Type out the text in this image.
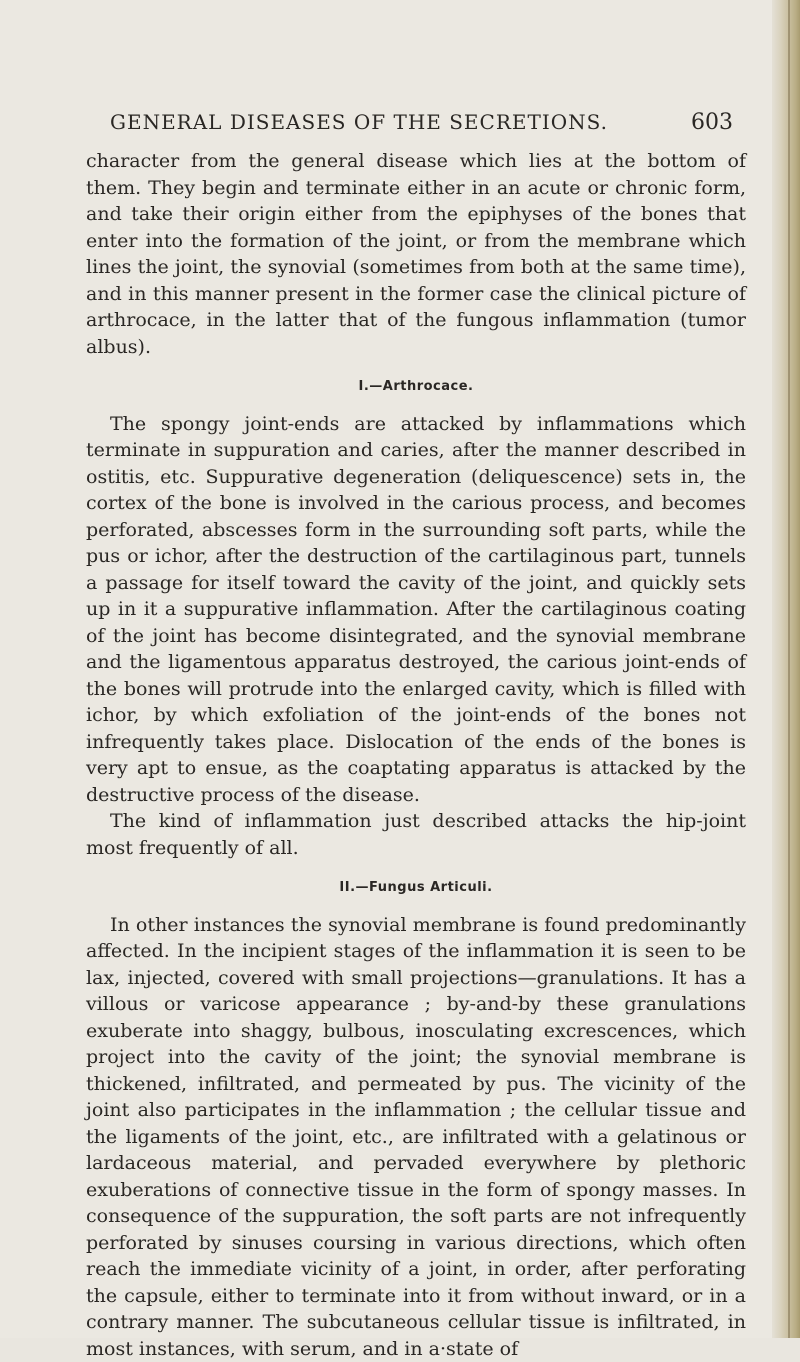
GENERAL DISEASES OF THE SECRETIONS.	603

character from the general disease which lies at the bottom of them. They begin and terminate either in an acute or chronic form, and take their origin either from the epiphyses of the bones that enter into the formation of the joint, or from the membrane which lines the joint, the synovial (sometimes from both at the same time), and in this manner present in the former case the clinical picture of arthrocace, in the latter that of the fungous inflammation (tumor albus).

I.—Arthrocace.

The spongy joint-ends are attacked by inflammations which terminate in suppuration and caries, after the manner described in ostitis, etc. Suppurative degeneration (deliquescence) sets in, the cortex of the bone is involved in the carious process, and becomes perforated, abscesses form in the surrounding soft parts, while the pus or ichor, after the destruction of the cartilaginous part, tunnels a passage for itself toward the cavity of the joint, and quickly sets up in it a suppurative inflammation. After the cartilaginous coating of the joint has become disintegrated, and the synovial membrane and the ligamentous apparatus destroyed, the carious joint-ends of the bones will protrude into the enlarged cavity, which is filled with ichor, by which exfoliation of the joint-ends of the bones not infrequently takes place. Dislocation of the ends of the bones is very apt to ensue, as the coaptating apparatus is attacked by the destructive process of the disease.

The kind of inflammation just described attacks the hip-joint most frequently of all.

II.—Fungus Articuli.

In other instances the synovial membrane is found predominantly affected. In the incipient stages of the inflammation it is seen to be lax, injected, covered with small projections—granulations. It has a villous or varicose appearance ; by-and-by these granulations exuberate into shaggy, bulbous, inosculating excrescences, which project into the cavity of the joint; the synovial membrane is thickened, infiltrated, and permeated by pus. The vicinity of the joint also participates in the inflammation ; the cellular tissue and the ligaments of the joint, etc., are infiltrated with a gelatinous or lardaceous material, and pervaded everywhere by plethoric exuberations of connective tissue in the form of spongy masses. In consequence of the suppuration, the soft parts are not infrequently perforated by sinuses coursing in various directions, which often reach the immediate vicinity of a joint, in order, after perforating the capsule, either to terminate into it from without inward, or in a contrary manner. The subcutaneous cellular tissue is infiltrated, in most instances, with serum, and in a·state of
